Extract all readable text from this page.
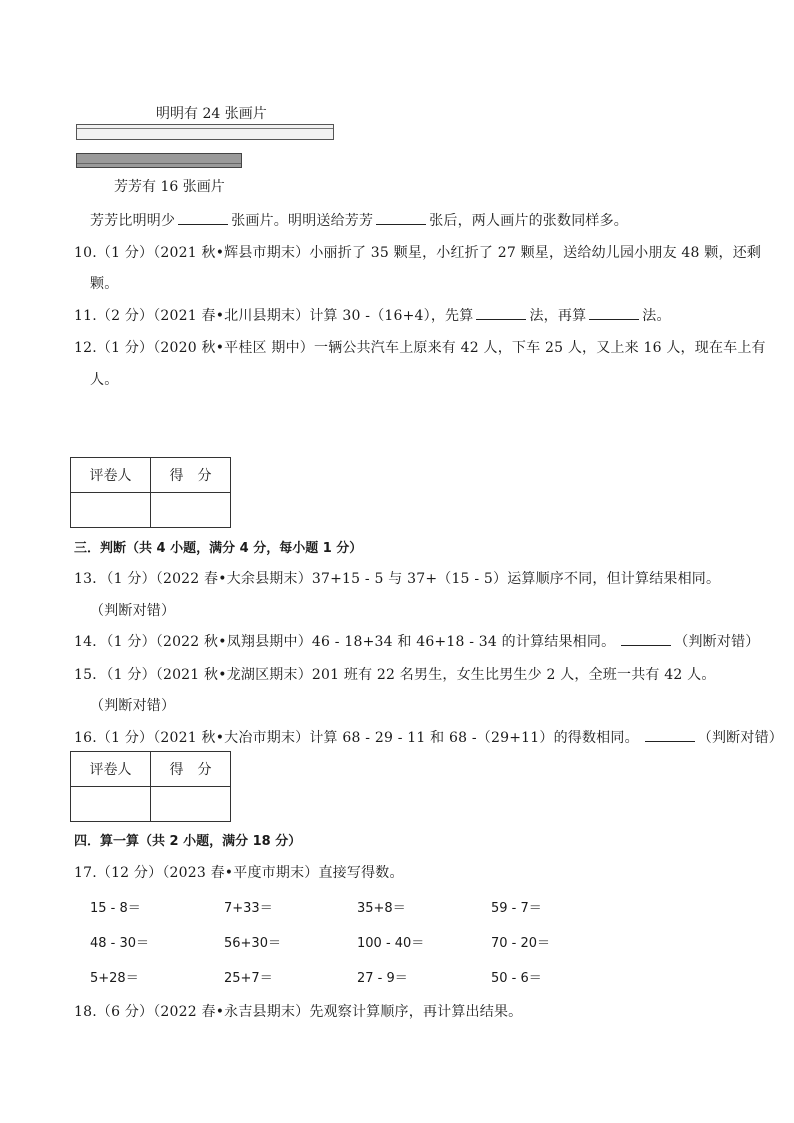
明明有 24 张画片
芳芳有 16 张画片
芳芳比明明少	张画片。明明送给芳芳	张后，两人画片的张数同样多。
10.（1 分）（2021 秋•辉县市期末）小丽折了 35 颗星，小红折了 27 颗星，送给幼儿园小朋友 48 颗，还剩
颗。
11.（2 分）（2021 春•北川县期末）计算 30 -（16+4），先算	法，再算	法。
12.（1 分）（2020 秋•平桂区 期中）一辆公共汽车上原来有 42 人，下车 25 人，又上来 16 人，现在车上有
人。
评卷人	得　分

三．判断（共 4 小题，满分 4 分，每小题 1 分）
13．（1 分）（2022 春•大余县期末）37+15 - 5 与 37+（15 - 5）运算顺序不同，但计算结果相同。
（判断对错）
14．（1 分）（2022 秋•凤翔县期中）46 - 18+34 和 46+18 - 34 的计算结果相同。	（判断对错）
15．（1 分）（2021 秋•龙湖区期末）201 班有 22 名男生，女生比男生少 2 人，全班一共有 42 人。
（判断对错）
16.（1 分）（2021 秋•大冶市期末）计算 68 - 29 - 11 和 68 -（29+11）的得数相同。	（判断对错）
评卷人	得　分

四．算一算（共 2 小题，满分 18 分）
17.（12 分）（2023 春•平度市期末）直接写得数。
15 - 8＝	7+33＝	35+8＝	59 - 7＝
48 - 30＝	56+30＝	100 - 40＝	70 - 20＝
5+28＝	25+7＝	27 - 9＝	50 - 6＝
18.（6 分）（2022 春•永吉县期末）先观察计算顺序，再计算出结果。
